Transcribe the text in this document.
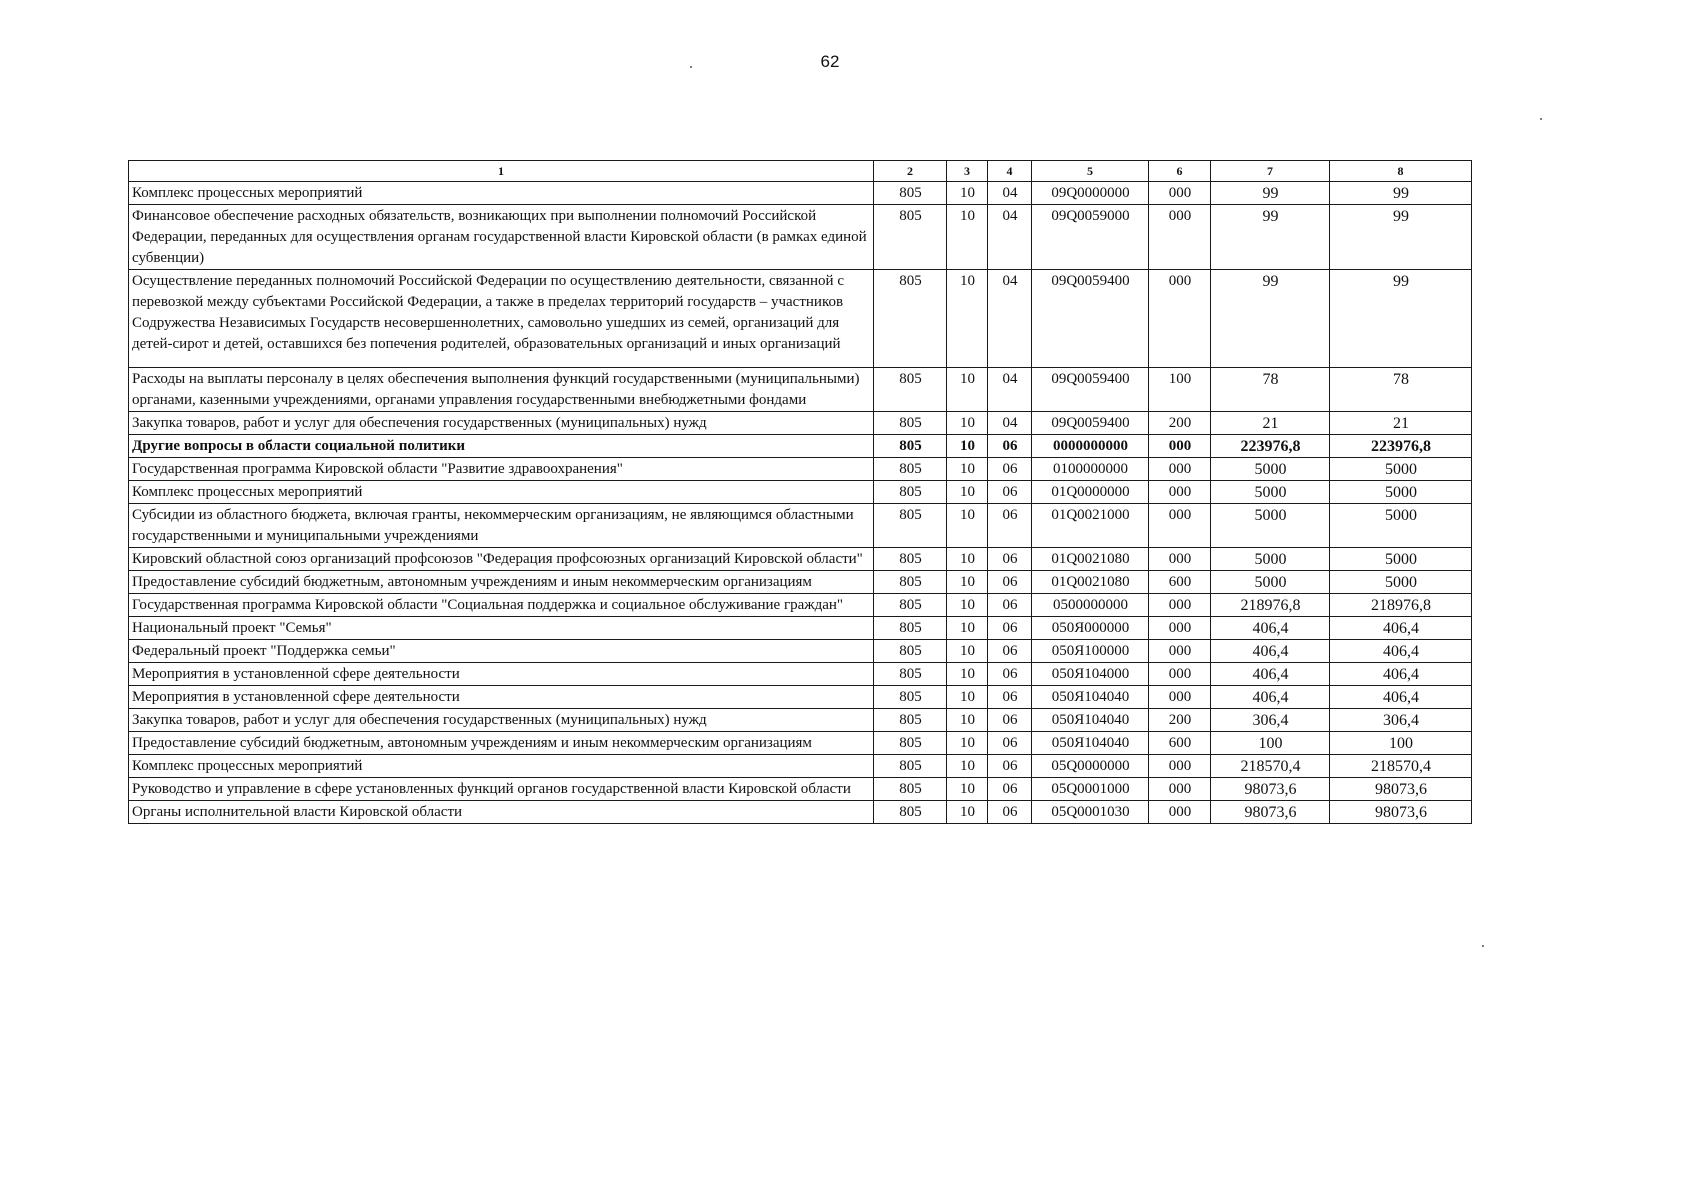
62
1	2	3	4	5	6	7	8
Комплекс процессных мероприятий	805	10	04	09Q0000000	000	99	99
Финансовое обеспечение расходных обязательств, возникающих при выполнении полномочий Российской Федерации, переданных для осуществления органам государственной власти Кировской области (в рамках единой субвенции)	805	10	04	09Q0059000	000	99	99
Осуществление переданных полномочий Российской Федерации по осуществлению деятельности, связанной с перевозкой между субъектами Российской Федерации, а также в пределах территорий государств – участников Содружества Независимых Государств несовершеннолетних, самовольно ушедших из семей, организаций для детей-сирот и детей, оставшихся без попечения родителей, образовательных организаций и иных организаций	805	10	04	09Q0059400	000	99	99
Расходы на выплаты персоналу в целях обеспечения выполнения функций государственными (муниципальными) органами, казенными учреждениями, органами управления государственными внебюджетными фондами	805	10	04	09Q0059400	100	78	78
Закупка товаров, работ и услуг для обеспечения государственных (муниципальных) нужд	805	10	04	09Q0059400	200	21	21
Другие вопросы в области социальной политики	805	10	06	0000000000	000	223976,8	223976,8
Государственная программа Кировской области "Развитие здравоохранения"	805	10	06	0100000000	000	5000	5000
Комплекс процессных мероприятий	805	10	06	01Q0000000	000	5000	5000
Субсидии из областного бюджета, включая гранты, некоммерческим организациям, не являющимся областными государственными и муниципальными учреждениями	805	10	06	01Q0021000	000	5000	5000
Кировский областной союз организаций профсоюзов "Федерация профсоюзных организаций Кировской области"	805	10	06	01Q0021080	000	5000	5000
Предоставление субсидий бюджетным, автономным учреждениям и иным некоммерческим организациям	805	10	06	01Q0021080	600	5000	5000
Государственная программа Кировской области "Социальная поддержка и социальное обслуживание граждан"	805	10	06	0500000000	000	218976,8	218976,8
Национальный проект "Семья"	805	10	06	050Я000000	000	406,4	406,4
Федеральный проект "Поддержка семьи"	805	10	06	050Я100000	000	406,4	406,4
Мероприятия в установленной сфере деятельности	805	10	06	050Я104000	000	406,4	406,4
Мероприятия в установленной сфере деятельности	805	10	06	050Я104040	000	406,4	406,4
Закупка товаров, работ и услуг для обеспечения государственных (муниципальных) нужд	805	10	06	050Я104040	200	306,4	306,4
Предоставление субсидий бюджетным, автономным учреждениям и иным некоммерческим организациям	805	10	06	050Я104040	600	100	100
Комплекс процессных мероприятий	805	10	06	05Q0000000	000	218570,4	218570,4
Руководство и управление в сфере установленных функций органов государственной власти Кировской области	805	10	06	05Q0001000	000	98073,6	98073,6
Органы исполнительной власти Кировской области	805	10	06	05Q0001030	000	98073,6	98073,6
